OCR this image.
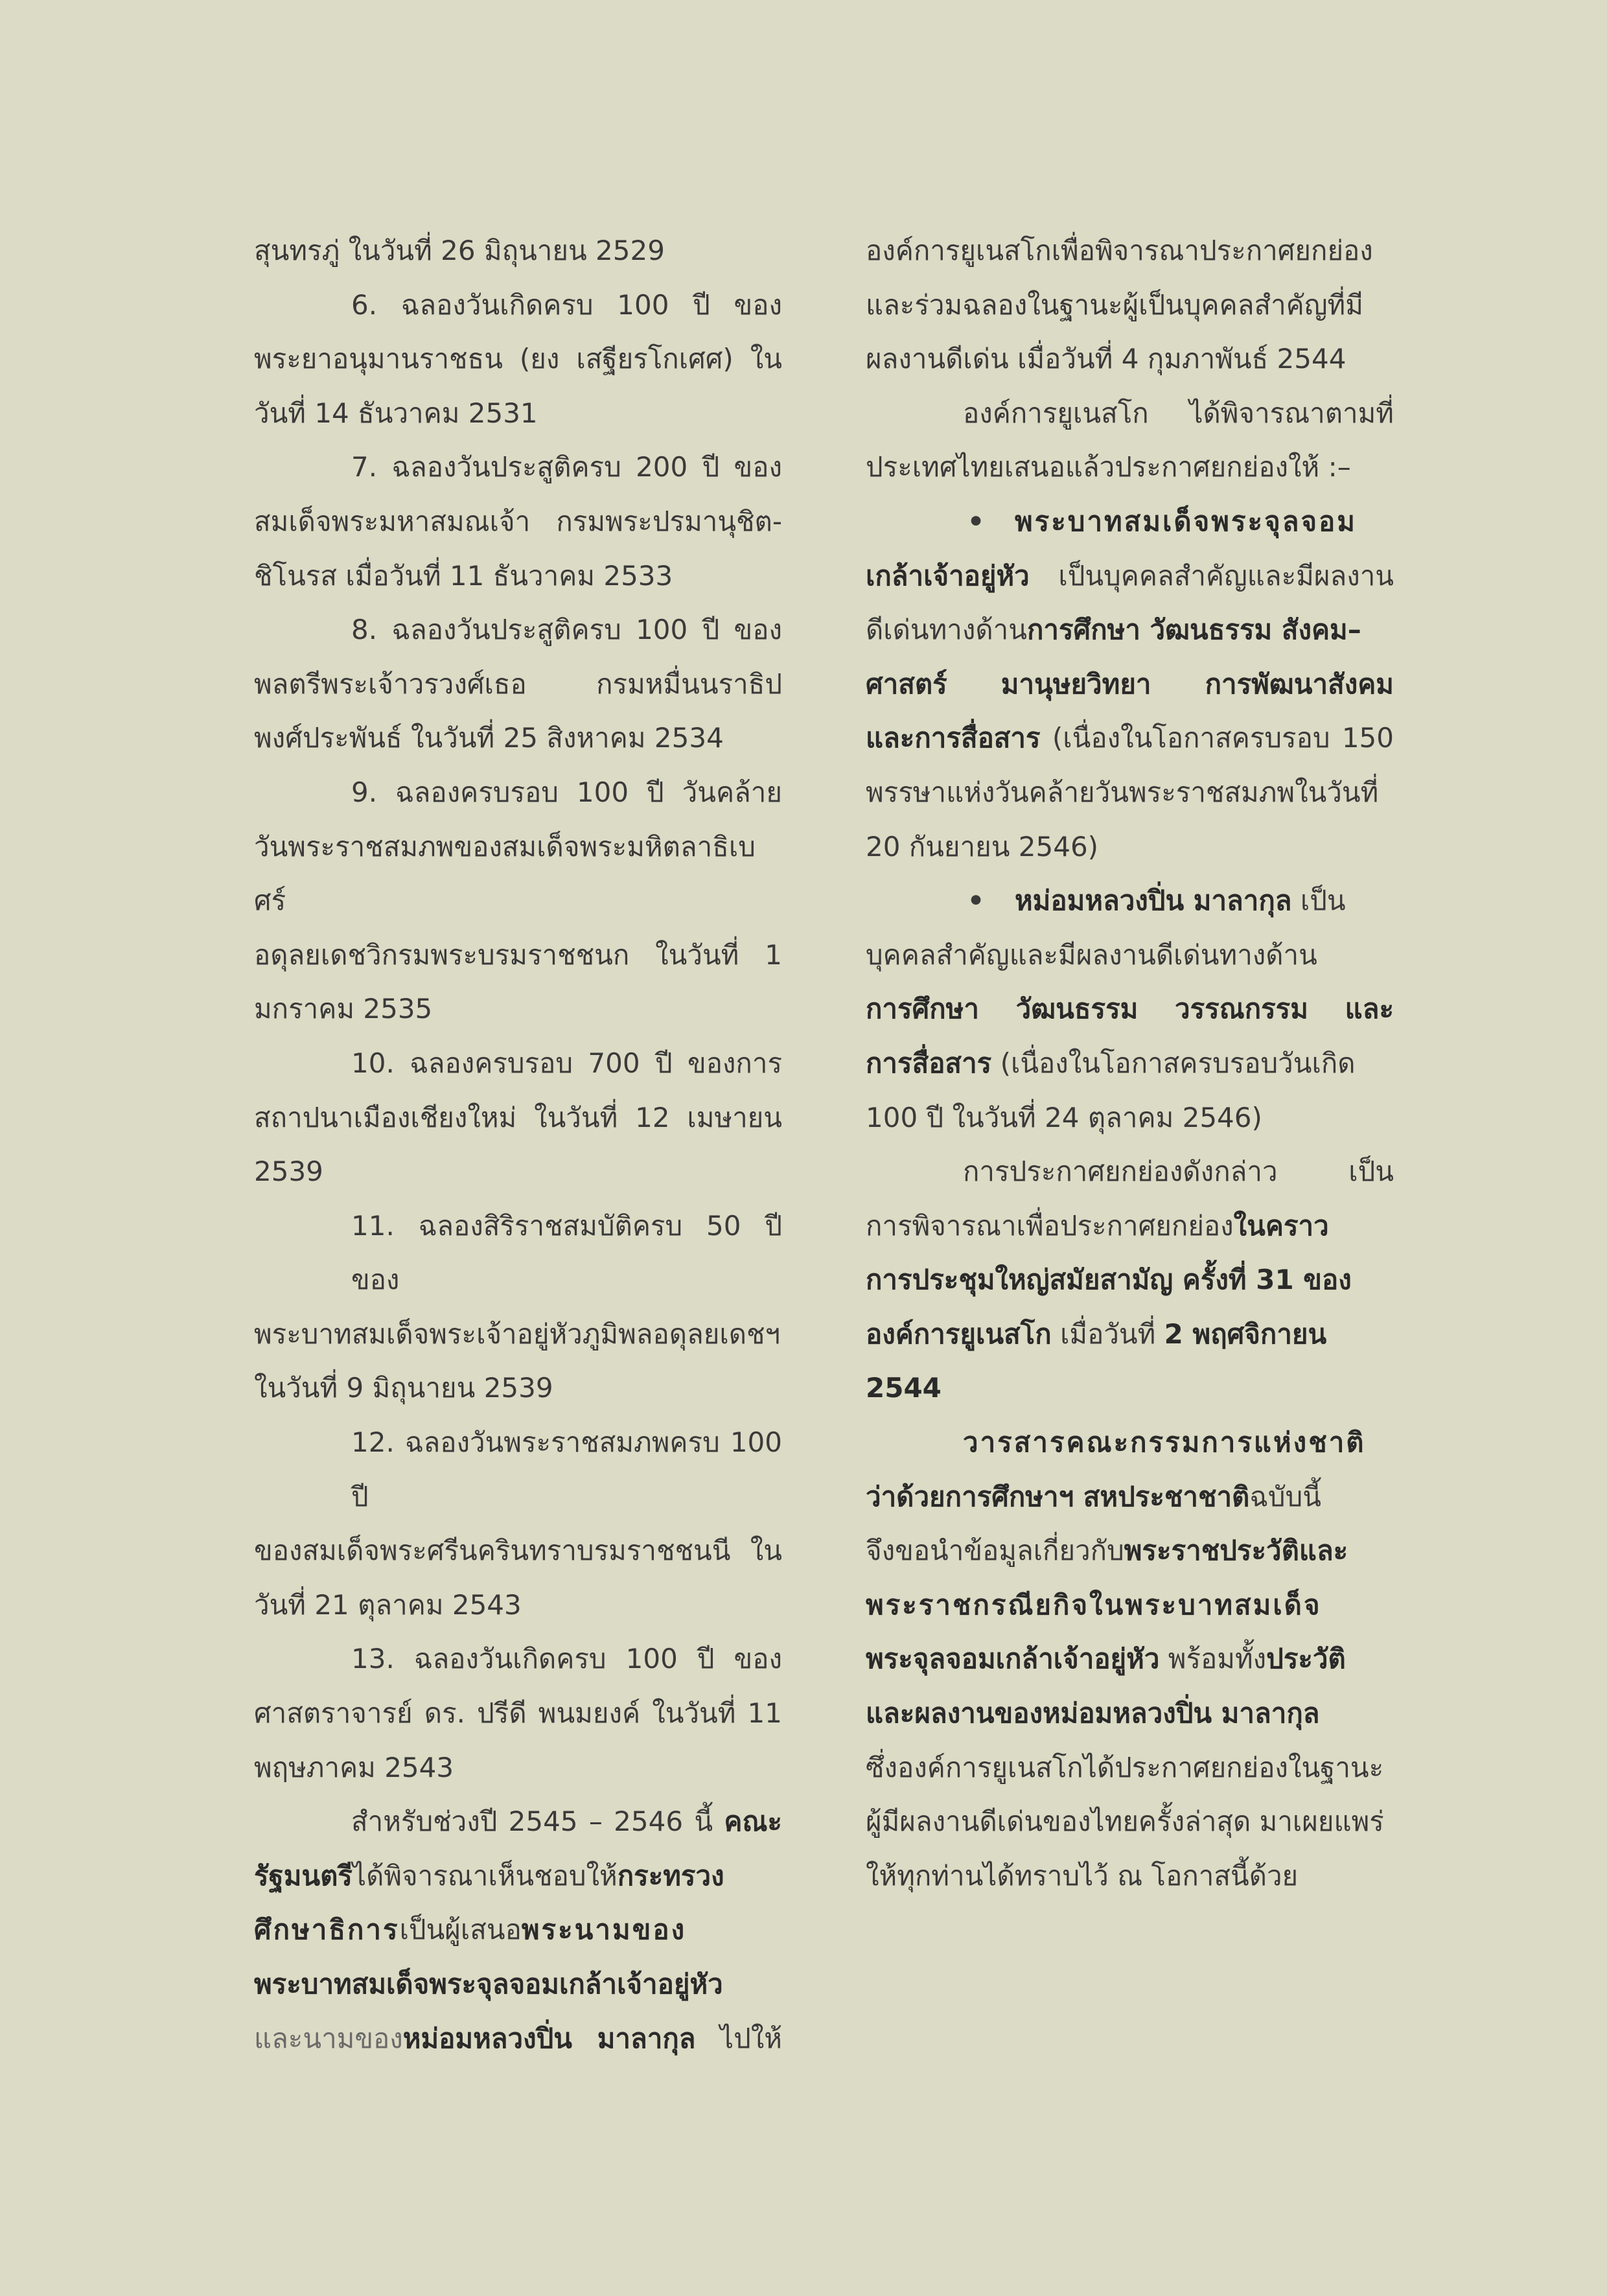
สุนทรภู่ ในวันที่ 26 มิถุนายน 2529
6. ฉลองวันเกิดครบ 100 ปี ของ
พระยาอนุมานราชธน (ยง เสฐียรโกเศศ) ใน
วันที่ 14 ธันวาคม 2531
7. ฉลองวันประสูติครบ 200 ปี ของ
สมเด็จพระมหาสมณเจ้า กรมพระปรมานุชิต-
ชิโนรส เมื่อวันที่ 11 ธันวาคม 2533
8. ฉลองวันประสูติครบ 100 ปี ของ
พลตรีพระเจ้าวรวงศ์เธอ กรมหมื่นนราธิป
พงศ์ประพันธ์ ในวันที่ 25 สิงหาคม 2534
9. ฉลองครบรอบ 100 ปี วันคล้าย
วันพระราชสมภพของสมเด็จพระมหิตลาธิเบศร์
อดุลยเดชวิกรมพระบรมราชชนก ในวันที่ 1
มกราคม 2535
10. ฉลองครบรอบ 700 ปี ของการ
สถาปนาเมืองเชียงใหม่ ในวันที่ 12 เมษายน
2539
11. ฉลองสิริราชสมบัติครบ 50 ปี ของ
พระบาทสมเด็จพระเจ้าอยู่หัวภูมิพลอดุลยเดชฯ
ในวันที่ 9 มิถุนายน 2539
12. ฉลองวันพระราชสมภพครบ 100 ปี
ของสมเด็จพระศรีนครินทราบรมราชชนนี ใน
วันที่ 21 ตุลาคม 2543
13. ฉลองวันเกิดครบ 100 ปี ของ
ศาสตราจารย์ ดร. ปรีดี พนมยงค์ ในวันที่ 11
พฤษภาคม 2543
สำหรับช่วงปี 2545 – 2546 นี้ คณะ
รัฐมนตรีได้พิจารณาเห็นชอบให้กระทรวง
ศึกษาธิการเป็นผู้เสนอพระนามของ
พระบาทสมเด็จพระจุลจอมเกล้าเจ้าอยู่หัว
และนามของหม่อมหลวงปิ่น มาลากุล ไปให้
องค์การยูเนสโกเพื่อพิจารณาประกาศยกย่อง
และร่วมฉลองในฐานะผู้เป็นบุคคลสำคัญที่มี
ผลงานดีเด่น เมื่อวันที่ 4 กุมภาพันธ์ 2544
องค์การยูเนสโก ได้พิจารณาตามที่
ประเทศไทยเสนอแล้วประกาศยกย่องให้ :–
• พระบาทสมเด็จพระจุลจอม
เกล้าเจ้าอยู่หัว เป็นบุคคลสำคัญและมีผลงาน
ดีเด่นทางด้านการศึกษา วัฒนธรรม สังคม–
ศาสตร์ มานุษยวิทยา การพัฒนาสังคม
และการสื่อสาร (เนื่องในโอกาสครบรอบ 150
พรรษาแห่งวันคล้ายวันพระราชสมภพในวันที่
20 กันยายน 2546)
• หม่อมหลวงปิ่น มาลากุล เป็น
บุคคลสำคัญและมีผลงานดีเด่นทางด้าน
การศึกษา วัฒนธรรม วรรณกรรม และ
การสื่อสาร (เนื่องในโอกาสครบรอบวันเกิด
100 ปี ในวันที่ 24 ตุลาคม 2546)
การประกาศยกย่องดังกล่าว เป็น
การพิจารณาเพื่อประกาศยกย่องในคราว
การประชุมใหญ่สมัยสามัญ ครั้งที่ 31 ของ
องค์การยูเนสโก เมื่อวันที่ 2 พฤศจิกายน
2544
วารสารคณะกรรมการแห่งชาติ
ว่าด้วยการศึกษาฯ สหประชาชาติฉบับนี้
จึงขอนำข้อมูลเกี่ยวกับพระราชประวัติและ
พระราชกรณียกิจในพระบาทสมเด็จ
พระจุลจอมเกล้าเจ้าอยู่หัว พร้อมทั้งประวัติ
และผลงานของหม่อมหลวงปิ่น มาลากุล
ซึ่งองค์การยูเนสโกได้ประกาศยกย่องในฐานะ
ผู้มีผลงานดีเด่นของไทยครั้งล่าสุด มาเผยแพร่
ให้ทุกท่านได้ทราบไว้ ณ โอกาสนี้ด้วย
